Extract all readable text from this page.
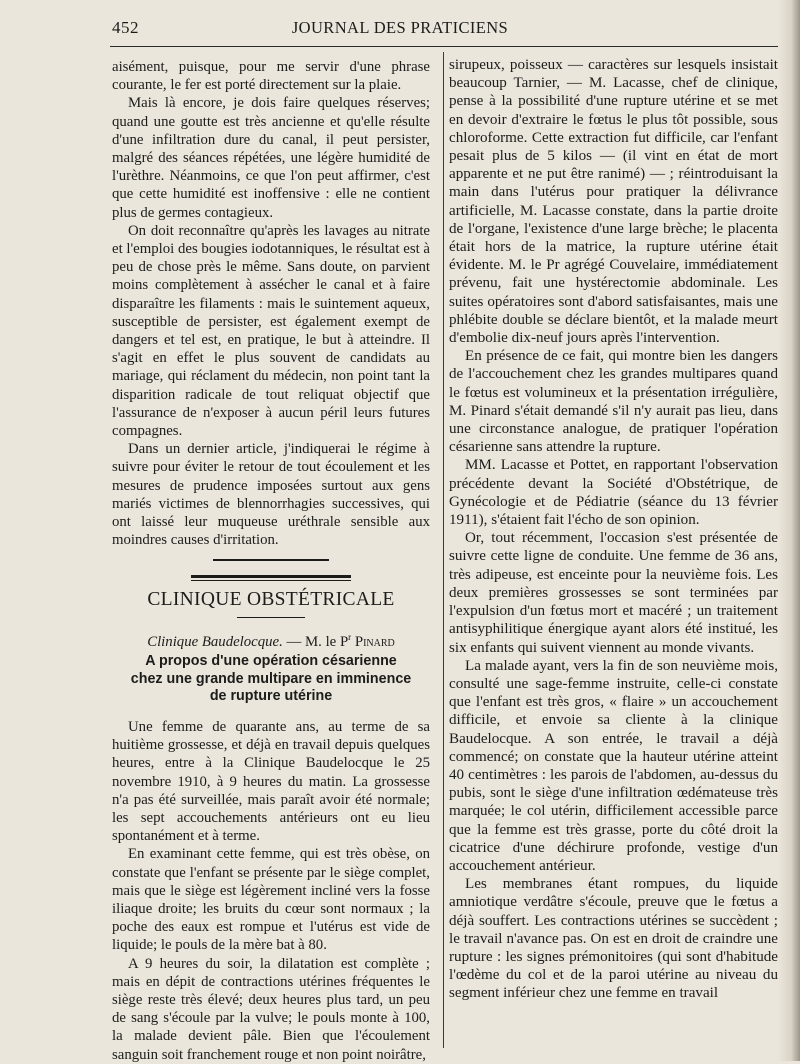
JOURNAL DES PRATICIENS
452

aisément, puisque, pour me servir d'une phrase courante, le fer est porté directement sur la plaie.

Mais là encore, je dois faire quelques réserves; quand une goutte est très ancienne et qu'elle résulte d'une infiltration dure du canal, il peut persister, malgré des séances répétées, une légère humidité de l'urèthre. Néanmoins, ce que l'on peut affirmer, c'est que cette humidité est inoffensive : elle ne contient plus de germes contagieux.

On doit reconnaître qu'après les lavages au nitrate et l'emploi des bougies iodotanniques, le résultat est à peu de chose près le même. Sans doute, on parvient moins complètement à assécher le canal et à faire disparaître les filaments : mais le suintement aqueux, susceptible de persister, est également exempt de dangers et tel est, en pratique, le but à atteindre. Il s'agit en effet le plus souvent de candidats au mariage, qui réclament du médecin, non point tant la disparition radicale de tout reliquat objectif que l'assurance de n'exposer à aucun péril leurs futures compagnes.

Dans un dernier article, j'indiquerai le régime à suivre pour éviter le retour de tout écoulement et les mesures de prudence imposées surtout aux gens mariés victimes de blennorrhagies successives, qui ont laissé leur muqueuse uréthrale sensible aux moindres causes d'irritation.

CLINIQUE OBSTÉTRICALE
Clinique Baudelocque. — M. le $P^r$ Pinard
A propos d'une opération césarienne
chez une grande multipare en imminence
de rupture utérine

Une femme de quarante ans, au terme de sa huitième grossesse, et déjà en travail depuis quelques heures, entre à la Clinique Baudelocque le 25 novembre 1910, à 9 heures du matin. La grossesse n'a pas été surveillée, mais paraît avoir été normale; les sept accouchements antérieurs ont eu lieu spontanément et à terme.

En examinant cette femme, qui est très obèse, on constate que l'enfant se présente par le siège complet, mais que le siège est légèrement incliné vers la fosse iliaque droite; les bruits du cœur sont normaux ; la poche des eaux est rompue et l'utérus est vide de liquide; le pouls de la mère bat à 80.

A 9 heures du soir, la dilatation est complète ; mais en dépit de contractions utérines fréquentes le siège reste très élevé; deux heures plus tard, un peu de sang s'écoule par la vulve; le pouls monte à 100, la malade devient pâle. Bien que l'écoulement sanguin soit franchement rouge et non point noirâtre,

sirupeux, poisseux — caractères sur lesquels insistait beaucoup Tarnier, — M. Lacasse, chef de clinique, pense à la possibilité d'une rupture utérine et se met en devoir d'extraire le fœtus le plus tôt possible, sous chloroforme. Cette extraction fut difficile, car l'enfant pesait plus de 5 kilos — (il vint en état de mort apparente et ne put être ranimé) — ; réintroduisant la main dans l'utérus pour pratiquer la délivrance artificielle, M. Lacasse constate, dans la partie droite de l'organe, l'existence d'une large brèche; le placenta était hors de la matrice, la rupture utérine était évidente. M. le Pr agrégé Couvelaire, immédiatement prévenu, fait une hystérectomie abdominale. Les suites opératoires sont d'abord satisfaisantes, mais une phlébite double se déclare bientôt, et la malade meurt d'embolie dix-neuf jours après l'intervention.

En présence de ce fait, qui montre bien les dangers de l'accouchement chez les grandes multipares quand le fœtus est volumineux et la présentation irrégulière, M. Pinard s'était demandé s'il n'y aurait pas lieu, dans une circonstance analogue, de pratiquer l'opération césarienne sans attendre la rupture.

MM. Lacasse et Pottet, en rapportant l'observation précédente devant la Société d'Obstétrique, de Gynécologie et de Pédiatrie (séance du 13 février 1911), s'étaient fait l'écho de son opinion.

Or, tout récemment, l'occasion s'est présentée de suivre cette ligne de conduite. Une femme de 36 ans, très adipeuse, est enceinte pour la neuvième fois. Les deux premières grossesses se sont terminées par l'expulsion d'un fœtus mort et macéré ; un traitement antisyphilitique énergique ayant alors été institué, les six enfants qui suivent viennent au monde vivants.

La malade ayant, vers la fin de son neuvième mois, consulté une sage-femme instruite, celle-ci constate que l'enfant est très gros, « flaire » un accouchement difficile, et envoie sa cliente à la clinique Baudelocque. A son entrée, le travail a déjà commencé; on constate que la hauteur utérine atteint 40 centimètres : les parois de l'abdomen, au-dessus du pubis, sont le siège d'une infiltration œdémateuse très marquée; le col utérin, difficilement accessible parce que la femme est très grasse, porte du côté droit la cicatrice d'une déchirure profonde, vestige d'un accouchement antérieur.

Les membranes étant rompues, du liquide amniotique verdâtre s'écoule, preuve que le fœtus a déjà souffert. Les contractions utérines se succèdent ; le travail n'avance pas. On est en droit de craindre une rupture : les signes prémonitoires (qui sont d'habitude l'œdème du col et de la paroi utérine au niveau du segment inférieur chez une femme en travail
